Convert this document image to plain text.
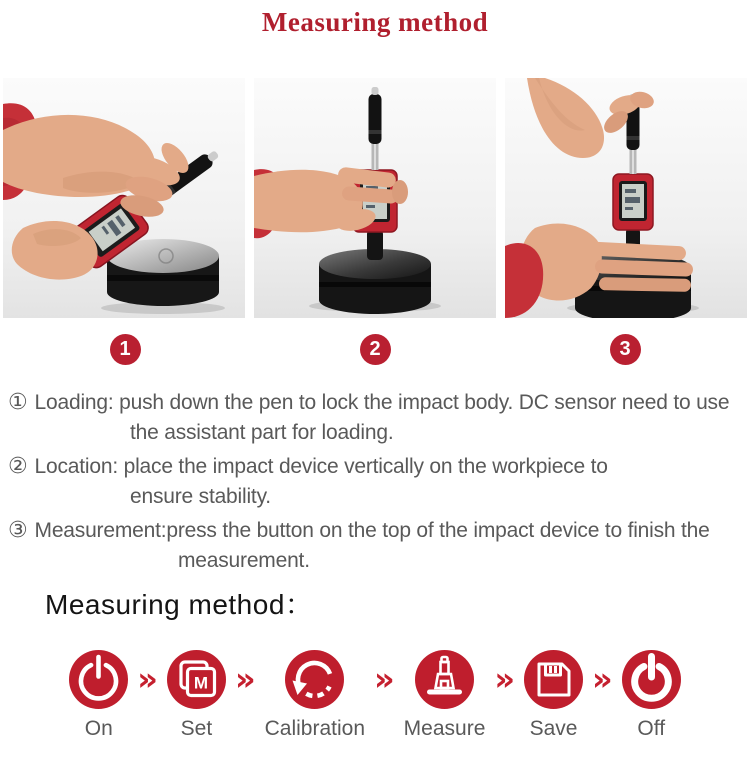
Measuring method
1	2	3
① Loading: push down the pen to lock the impact body. DC sensor need to use
the assistant part for loading.
② Location: place the impact device vertically on the workpiece to
ensure stability.
③ Measurement:press the button on the top of the impact device to finish the
measurement.
Measuring method：
On
» M
Set
»
Calibration
»
Measure
»
Save
»
Off
